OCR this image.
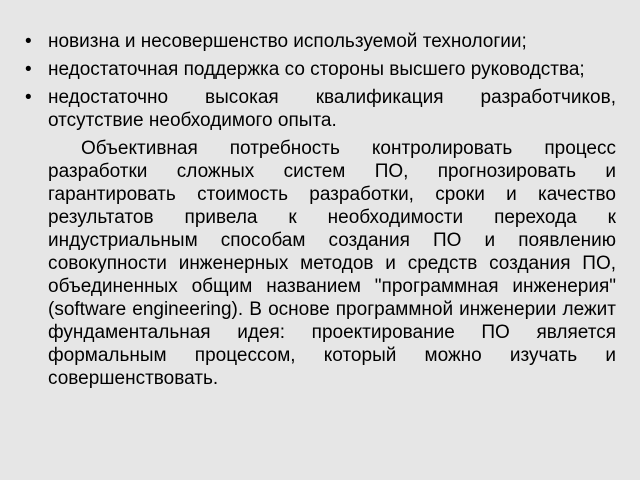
• новизна и несовершенство используемой технологии;
• недостаточная поддержка со стороны высшего руководства;
• недостаточно высокая квалификация разработчиков, отсутствие необходимого опыта.

Объективная потребность контролировать процесс разработки сложных систем ПО, прогнозировать и гарантировать стоимость разработки, сроки и качество результатов привела к необходимости перехода к индустриальным способам создания ПО и появлению совокупности инженерных методов и средств создания ПО, объединенных общим названием "программная инженерия" (software engineering). В основе программной инженерии лежит фундаментальная идея: проектирование ПО является формальным процессом, который можно изучать и совершенствовать.
